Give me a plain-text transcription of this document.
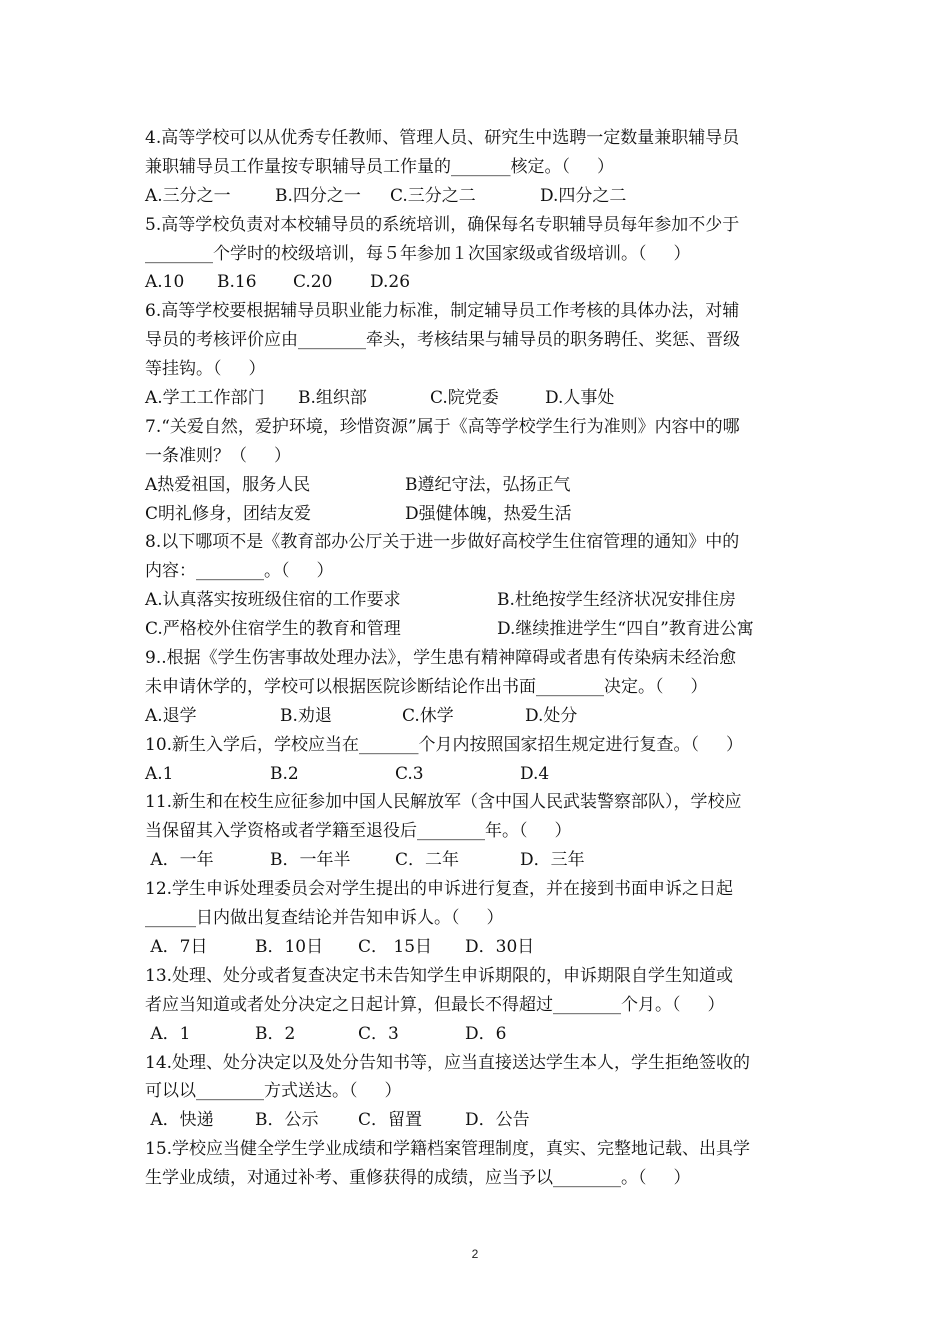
4.高等学校可以从优秀专任教师、管理人员、研究生中选聘一定数量兼职辅导员
兼职辅导员工作量按专职辅导员工作量的_______核定。（     ）
A.三分之一	B.四分之一 C.三分之二	D.四分之二
5.高等学校负责对本校辅导员的系统培训，确保每名专职辅导员每年参加不少于
________个学时的校级培训，每５年参加１次国家级或省级培训。（     ）
A.10 B.16 C.20 D.26
6.高等学校要根据辅导员职业能力标准，制定辅导员工作考核的具体办法，对辅
导员的考核评价应由________牵头，考核结果与辅导员的职务聘任、奖惩、晋级
等挂钩。（     ）
A.学工工作部门 B.组织部	C.院党委	D.人事处
7.“关爱自然，爱护环境，珍惜资源”属于《高等学校学生行为准则》内容中的哪
一条准则？（     ）
A热爱祖国，服务人民	B遵纪守法，弘扬正气
C明礼修身，团结友爱	D强健体魄，热爱生活
8.以下哪项不是《教育部办公厅关于进一步做好高校学生住宿管理的通知》中的
内容：________。（     ）
A.认真落实按班级住宿的工作要求	B.杜绝按学生经济状况安排住房
C.严格校外住宿学生的教育和管理	D.继续推进学生“四自”教育进公寓
9..根据《学生伤害事故处理办法》，学生患有精神障碍或者患有传染病未经治愈
未申请休学的，学校可以根据医院诊断结论作出书面________决定。（     ）
A.退学	B.劝退	C.休学	D.处分
10.新生入学后，学校应当在_______个月内按照国家招生规定进行复查。（     ）
A.1	B.2	C.3	D.4
11.新生和在校生应征参加中国人民解放军（含中国人民武装警察部队），学校应
当保留其入学资格或者学籍至退役后________年。（     ）
A．一年	B．一年半	C．二年	D．三年
12.学生申诉处理委员会对学生提出的申诉进行复查，并在接到书面申诉之日起
______日内做出复查结论并告知申诉人。（     ）
A．7日	B．10日 C． 15日 D．30日
13.处理、处分或者复查决定书未告知学生申诉期限的，申诉期限自学生知道或
者应当知道或者处分决定之日起计算，但最长不得超过________个月。（     ）
A．1	B．2	C．3	D．6
14.处理、处分决定以及处分告知书等，应当直接送达学生本人，学生拒绝签收的
可以以________方式送达。（     ）
A．快递 B．公示 C．留置	D．公告
15.学校应当健全学生学业成绩和学籍档案管理制度，真实、完整地记载、出具学
生学业成绩，对通过补考、重修获得的成绩，应当予以________。（     ）
2
